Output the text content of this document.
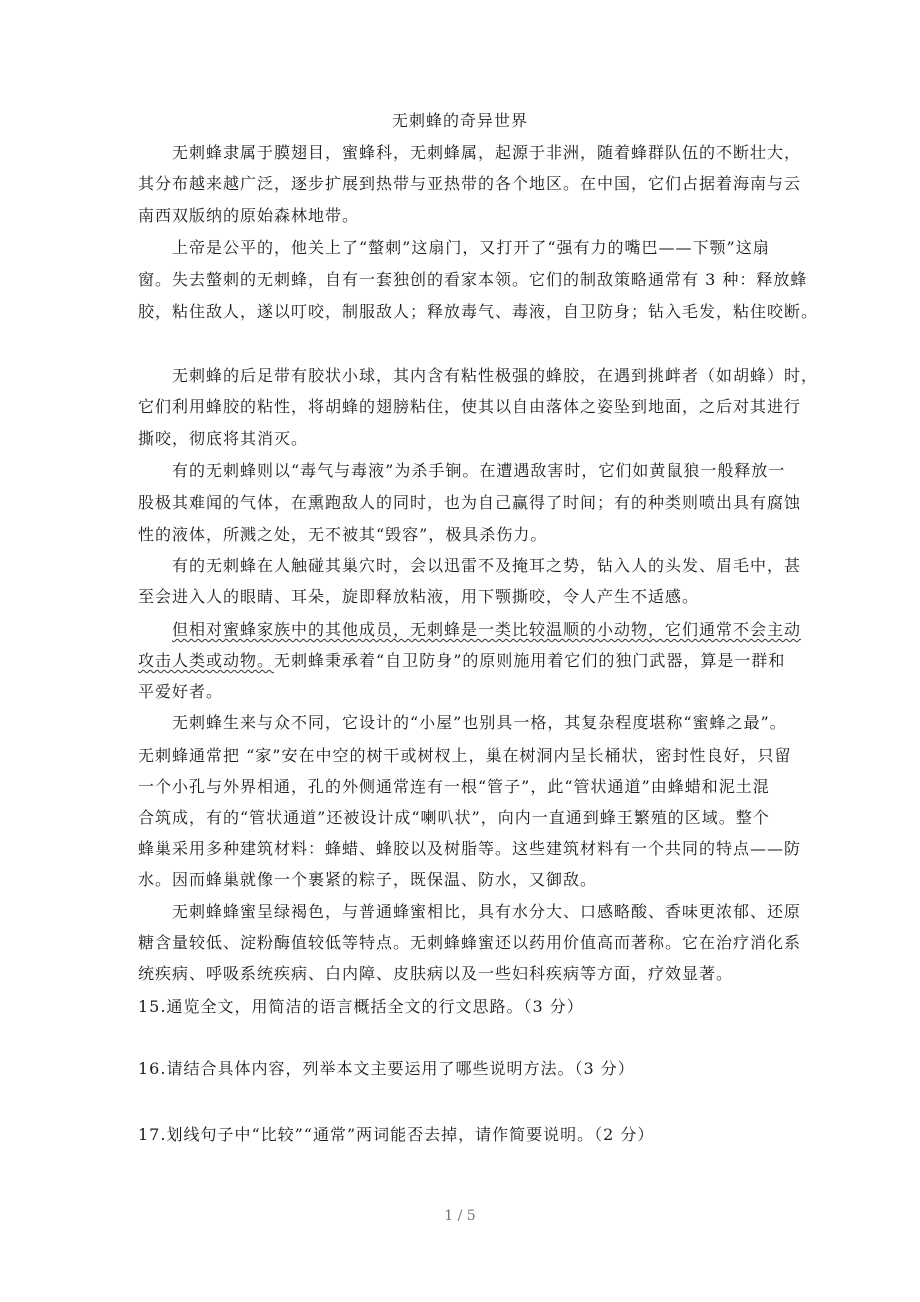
无刺蜂的奇异世界
无刺蜂隶属于膜翅目，蜜蜂科，无刺蜂属，起源于非洲，随着蜂群队伍的不断壮大，
其分布越来越广泛，逐步扩展到热带与亚热带的各个地区。在中国，它们占据着海南与云
南西双版纳的原始森林地带。
上帝是公平的，他关上了“螫刺”这扇门，又打开了“强有力的嘴巴——下颚”这扇
窗。失去螫刺的无刺蜂，自有一套独创的看家本领。它们的制敌策略通常有 3 种：释放蜂
胶，粘住敌人，遂以叮咬，制服敌人；释放毒气、毒液，自卫防身；钻入毛发，粘住咬断。
无刺蜂的后足带有胶状小球，其内含有粘性极强的蜂胶，在遇到挑衅者（如胡蜂）时，
它们利用蜂胶的粘性，将胡蜂的翅膀粘住，使其以自由落体之姿坠到地面，之后对其进行
撕咬，彻底将其消灭。
有的无刺蜂则以“毒气与毒液”为杀手锏。在遭遇敌害时，它们如黄鼠狼一般释放一
股极其难闻的气体，在熏跑敌人的同时，也为自己赢得了时间；有的种类则喷出具有腐蚀
性的液体，所溅之处，无不被其“毁容”，极具杀伤力。
有的无刺蜂在人触碰其巢穴时，会以迅雷不及掩耳之势，钻入人的头发、眉毛中，甚
至会进入人的眼睛、耳朵，旋即释放粘液，用下颚撕咬，令人产生不适感。
但相对蜜蜂家族中的其他成员，无刺蜂是一类比较温顺的小动物，它们通常不会主动
攻击人类或动物。无刺蜂秉承着“自卫防身”的原则施用着它们的独门武器，算是一群和
平爱好者。
无刺蜂生来与众不同，它设计的“小屋”也别具一格，其复杂程度堪称“蜜蜂之最”。
无刺蜂通常把 “家”安在中空的树干或树杈上，巢在树洞内呈长桶状，密封性良好，只留
一个小孔与外界相通，孔的外侧通常连有一根“管子”，此“管状通道”由蜂蜡和泥土混
合筑成，有的“管状通道”还被设计成“喇叭状”，向内一直通到蜂王繁殖的区域。整个
蜂巢采用多种建筑材料：蜂蜡、蜂胶以及树脂等。这些建筑材料有一个共同的特点——防
水。因而蜂巢就像一个裹紧的粽子，既保温、防水，又御敌。
无刺蜂蜂蜜呈绿褐色，与普通蜂蜜相比，具有水分大、口感略酸、香味更浓郁、还原
糖含量较低、淀粉酶值较低等特点。无刺蜂蜂蜜还以药用价值高而著称。它在治疗消化系
统疾病、呼吸系统疾病、白内障、皮肤病以及一些妇科疾病等方面，疗效显著。
15.通览全文，用简洁的语言概括全文的行文思路。（3 分）
16.请结合具体内容，列举本文主要运用了哪些说明方法。（3 分）
17.划线句子中“比较”“通常”两词能否去掉，请作简要说明。（2 分）
1 / 5
